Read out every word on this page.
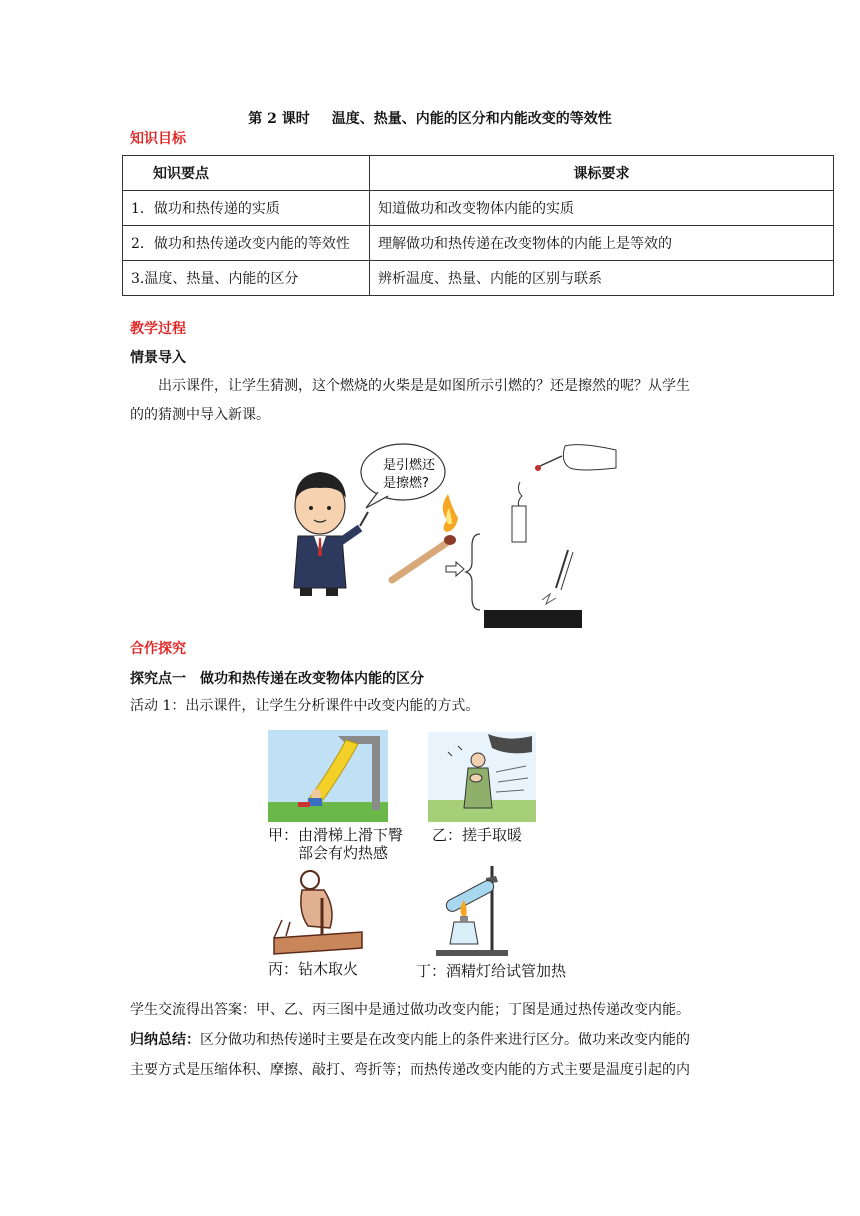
第 2 课时 温度、热量、内能的区分和内能改变的等效性
知识目标
知识要点	课标要求
1．做功和热传递的实质	知道做功和改变物体内能的实质
2．做功和热传递改变内能的等效性	理解做功和热传递在改变物体的内能上是等效的
3.温度、热量、内能的区分	辨析温度、热量、内能的区别与联系
教学过程
情景导入
出示课件，让学生猜测，这个燃烧的火柴是是如图所示引燃的？还是擦然的呢？从学生
的的猜测中导入新课。
是引燃还
是擦燃?
合作探究
探究点一　做功和热传递在改变物体内能的区分
活动 1：出示课件，让学生分析课件中改变内能的方式。
甲：由滑梯上滑下臀
部会有灼热感
乙：搓手取暖
丙：钻木取火	丁：酒精灯给试管加热
学生交流得出答案：甲、乙、丙三图中是通过做功改变内能；丁图是通过热传递改变内能。
归纳总结：区分做功和热传递时主要是在改变内能上的条件来进行区分。做功来改变内能的
主要方式是压缩体积、摩擦、敲打、弯折等；而热传递改变内能的方式主要是温度引起的内
